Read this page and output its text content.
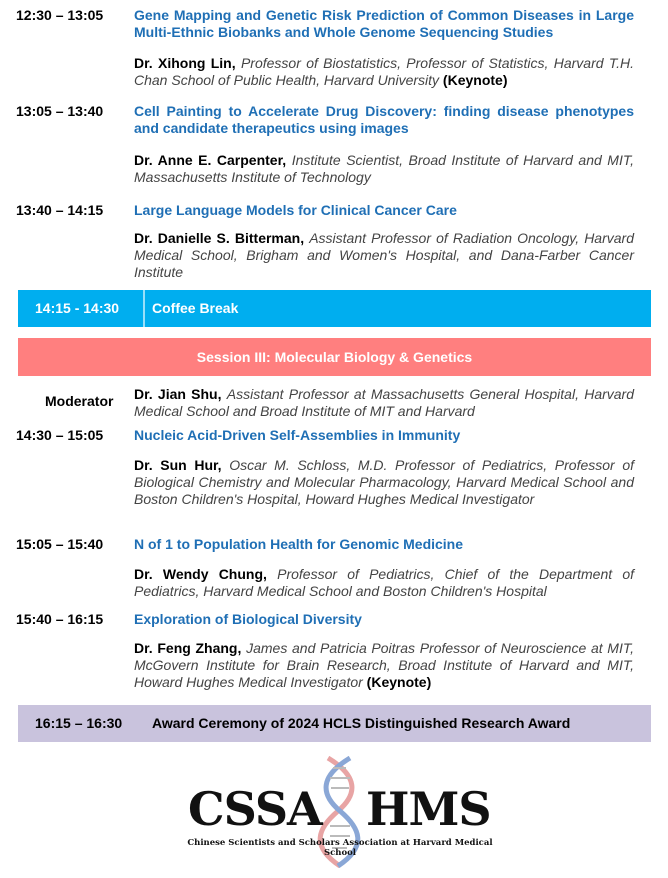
12:30 – 13:05 Gene Mapping and Genetic Risk Prediction of Common Diseases in Large Multi-Ethnic Biobanks and Whole Genome Sequencing Studies
Dr. Xihong Lin, Professor of Biostatistics, Professor of Statistics, Harvard T.H. Chan School of Public Health, Harvard University (Keynote)
13:05 – 13:40 Cell Painting to Accelerate Drug Discovery: finding disease phenotypes and candidate therapeutics using images
Dr. Anne E. Carpenter, Institute Scientist, Broad Institute of Harvard and MIT, Massachusetts Institute of Technology
13:40 – 14:15 Large Language Models for Clinical Cancer Care
Dr. Danielle S. Bitterman, Assistant Professor of Radiation Oncology, Harvard Medical School, Brigham and Women's Hospital, and Dana-Farber Cancer Institute
14:15 - 14:30 Coffee Break
Session III: Molecular Biology & Genetics
Moderator Dr. Jian Shu, Assistant Professor at Massachusetts General Hospital, Harvard Medical School and Broad Institute of MIT and Harvard
14:30 – 15:05 Nucleic Acid-Driven Self-Assemblies in Immunity
Dr. Sun Hur, Oscar M. Schloss, M.D. Professor of Pediatrics, Professor of Biological Chemistry and Molecular Pharmacology, Harvard Medical School and Boston Children's Hospital, Howard Hughes Medical Investigator
15:05 – 15:40 N of 1 to Population Health for Genomic Medicine
Dr. Wendy Chung, Professor of Pediatrics, Chief of the Department of Pediatrics, Harvard Medical School and Boston Children's Hospital
15:40 – 16:15 Exploration of Biological Diversity
Dr. Feng Zhang, James and Patricia Poitras Professor of Neuroscience at MIT, McGovern Institute for Brain Research, Broad Institute of Harvard and MIT, Howard Hughes Medical Investigator (Keynote)
16:15 – 16:30 Award Ceremony of 2024 HCLS Distinguished Research Award
CSSA HMS
Chinese Scientists and Scholars Association at Harvard Medical School
